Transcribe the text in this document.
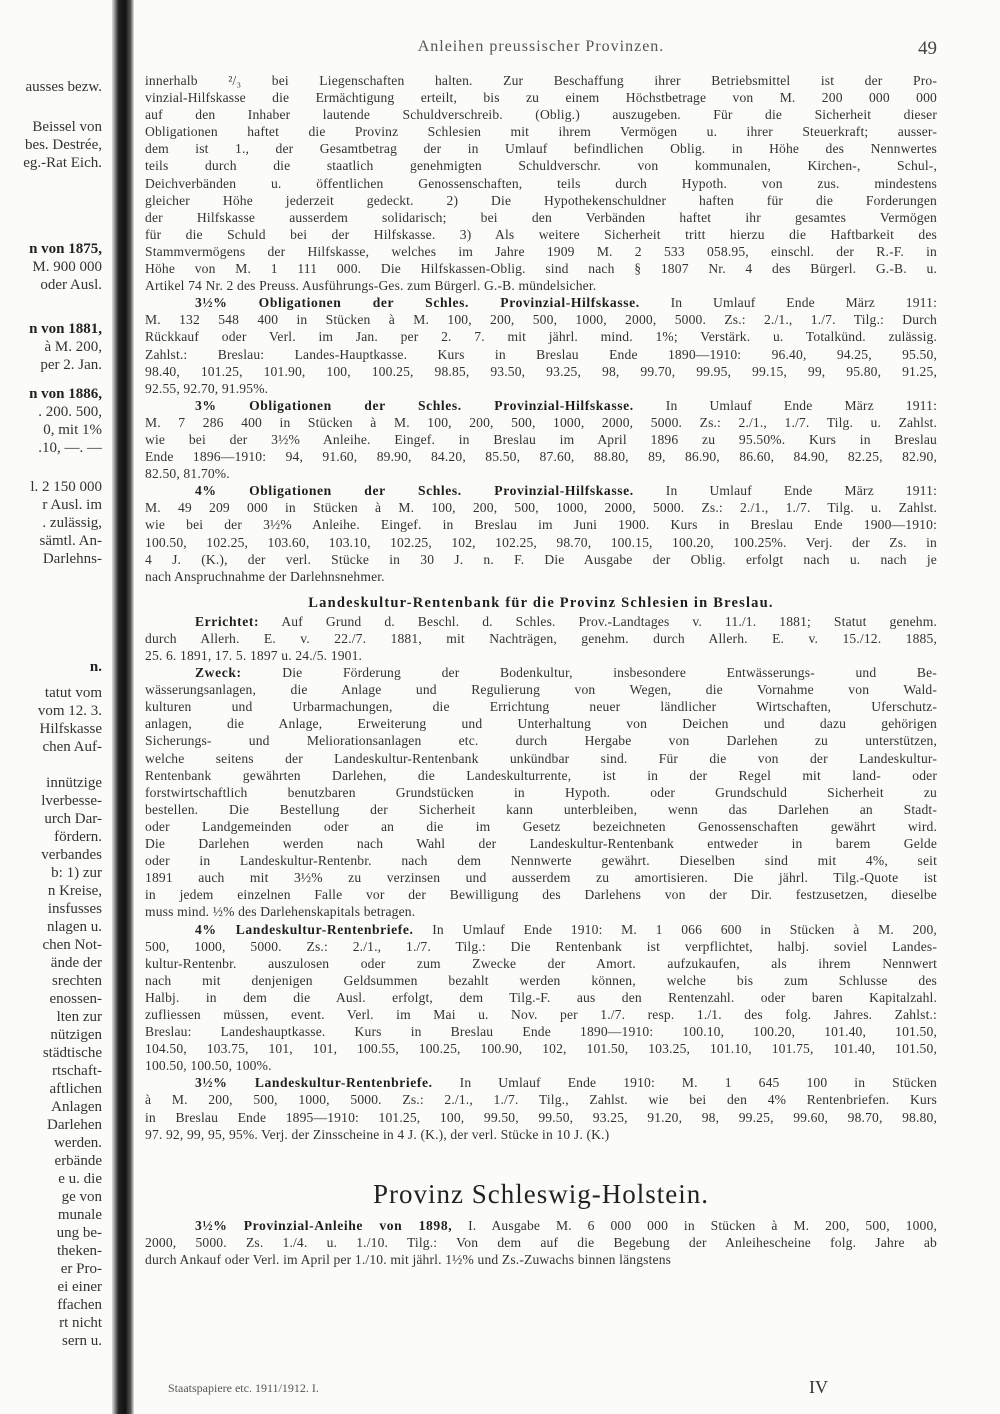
ausses bezw.
Beissel von
bes. Destrée,
eg.-Rat Eich.
n von 1875,
M. 900 000
oder Ausl.
n von 1881,
à M. 200,
per 2. Jan.
n von 1886,
. 200. 500,
0, mit 1%
.10, —. —
l. 2 150 000
r Ausl. im
. zulässig,
sämtl. An-
Darlehns-
n.
tatut vom
vom 12. 3.
Hilfskasse
chen Auf-
innützige
lverbesse-
urch Dar-
fördern.
verbandes
b: 1) zur
n Kreise,
insfusses
nlagen u.
chen Not-
ände der
srechten
enossen-
lten zur
nützigen
städtische
rtschaft-
aftlichen
Anlagen
Darlehen
werden.
erbände
e u. die
ge von
munale
ung be-
theken-
er Pro-
ei einer
ffachen
rt nicht
sern u.
Anleihen preussischer Provinzen.	49
innerhalb ²/₃ bei Liegenschaften halten. Zur Beschaffung ihrer Betriebsmittel ist der Pro-
vinzial-Hilfskasse die Ermächtigung erteilt, bis zu einem Höchstbetrage von M. 200 000 000
auf den Inhaber lautende Schuldverschreib. (Oblig.) auszugeben. Für die Sicherheit dieser
Obligationen haftet die Provinz Schlesien mit ihrem Vermögen u. ihrer Steuerkraft; ausser-
dem ist 1., der Gesamtbetrag der in Umlauf befindlichen Oblig. in Höhe des Nennwertes
teils durch die staatlich genehmigten Schuldverschr. von kommunalen, Kirchen-, Schul-,
Deichverbänden u. öffentlichen Genossenschaften, teils durch Hypoth. von zus. mindestens
gleicher Höhe jederzeit gedeckt. 2) Die Hypothekenschuldner haften für die Forderungen
der Hilfskasse ausserdem solidarisch; bei den Verbänden haftet ihr gesamtes Vermögen
für die Schuld bei der Hilfskasse. 3) Als weitere Sicherheit tritt hierzu die Haftbarkeit des
Stammvermögens der Hilfskasse, welches im Jahre 1909 M. 2 533 058.95, einschl. der R.-F. in
Höhe von M. 1 111 000. Die Hilfskassen-Oblig. sind nach § 1807 Nr. 4 des Bürgerl. G.-B. u.
Artikel 74 Nr. 2 des Preuss. Ausführungs-Ges. zum Bürgerl. G.-B. mündelsicher.
3½% Obligationen der Schles. Provinzial-Hilfskasse. In Umlauf Ende März 1911:
M. 132 548 400 in Stücken à M. 100, 200, 500, 1000, 2000, 5000. Zs.: 2./1., 1./7. Tilg.: Durch
Rückkauf oder Verl. im Jan. per 2. 7. mit jährl. mind. 1%; Verstärk. u. Totalkünd. zulässig.
Zahlst.: Breslau: Landes-Hauptkasse. Kurs in Breslau Ende 1890—1910: 96.40, 94.25, 95.50,
98.40, 101.25, 101.90, 100, 100.25, 98.85, 93.50, 93.25, 98, 99.70, 99.95, 99.15, 99, 95.80, 91.25,
92.55, 92.70, 91.95%.
3% Obligationen der Schles. Provinzial-Hilfskasse. In Umlauf Ende März 1911:
M. 7 286 400 in Stücken à M. 100, 200, 500, 1000, 2000, 5000. Zs.: 2./1., 1./7. Tilg. u. Zahlst.
wie bei der 3½% Anleihe. Eingef. in Breslau im April 1896 zu 95.50%. Kurs in Breslau
Ende 1896—1910: 94, 91.60, 89.90, 84.20, 85.50, 87.60, 88.80, 89, 86.90, 86.60, 84.90, 82.25, 82.90,
82.50, 81.70%.
4% Obligationen der Schles. Provinzial-Hilfskasse. In Umlauf Ende März 1911:
M. 49 209 000 in Stücken à M. 100, 200, 500, 1000, 2000, 5000. Zs.: 2./1., 1./7. Tilg. u. Zahlst.
wie bei der 3½% Anleihe. Eingef. in Breslau im Juni 1900. Kurs in Breslau Ende 1900—1910:
100.50, 102.25, 103.60, 103.10, 102.25, 102, 102.25, 98.70, 100.15, 100.20, 100.25%. Verj. der Zs. in
4 J. (K.), der verl. Stücke in 30 J. n. F. Die Ausgabe der Oblig. erfolgt nach u. nach je
nach Anspruchnahme der Darlehnsnehmer.
Landeskultur-Rentenbank für die Provinz Schlesien in Breslau.
Errichtet: Auf Grund d. Beschl. d. Schles. Prov.-Landtages v. 11./1. 1881; Statut genehm.
durch Allerh. E. v. 22./7. 1881, mit Nachträgen, genehm. durch Allerh. E. v. 15./12. 1885,
25. 6. 1891, 17. 5. 1897 u. 24./5. 1901.
Zweck:	Die Förderung der Bodenkultur, insbesondere Entwässerungs- und Be-
wässerungsanlagen, die Anlage und Regulierung von Wegen, die Vornahme von Wald-
kulturen und Urbarmachungen, die Errichtung neuer ländlicher Wirtschaften, Uferschutz-
anlagen, die Anlage, Erweiterung und Unterhaltung von Deichen und dazu gehörigen
Sicherungs- und Meliorationsanlagen etc. durch Hergabe von Darlehen zu unterstützen,
welche seitens der Landeskultur-Rentenbank unkündbar sind. Für die von der Landeskultur-
Rentenbank gewährten Darlehen, die Landeskulturrente, ist in der Regel mit land- oder
forstwirtschaftlich benutzbaren Grundstücken in Hypoth. oder Grundschuld Sicherheit zu
bestellen. Die Bestellung der Sicherheit kann unterbleiben, wenn das Darlehen an Stadt-
oder Landgemeinden oder an die im Gesetz bezeichneten Genossenschaften gewährt wird.
Die Darlehen werden nach Wahl der Landeskultur-Rentenbank entweder in barem Gelde
oder in Landeskultur-Rentenbr. nach dem Nennwerte gewährt. Dieselben sind mit 4%, seit
1891 auch mit 3½% zu verzinsen und ausserdem zu amortisieren. Die jährl. Tilg.-Quote ist
in jedem einzelnen Falle vor der Bewilligung des Darlehens von der Dir. festzusetzen, dieselbe
muss mind. ½% des Darlehenskapitals betragen.
4% Landeskultur-Rentenbriefe. In Umlauf Ende 1910: M. 1 066 600 in Stücken à M. 200,
500, 1000, 5000. Zs.: 2./1., 1./7. Tilg.: Die Rentenbank ist verpflichtet, halbj. soviel Landes-
kultur-Rentenbr. auszulosen oder zum Zwecke der Amort. aufzukaufen, als ihrem Nennwert
nach mit denjenigen Geldsummen bezahlt werden können, welche bis zum Schlusse des
Halbj. in dem die Ausl. erfolgt, dem Tilg.-F. aus den Rentenzahl. oder baren Kapitalzahl.
zufliessen müssen, event. Verl. im Mai u. Nov. per 1./7. resp. 1./1. des folg. Jahres. Zahlst.:
Breslau: Landeshauptkasse. Kurs in Breslau Ende 1890—1910: 100.10, 100.20, 101.40, 101.50,
104.50, 103.75, 101, 101, 100.55, 100.25, 100.90, 102, 101.50, 103.25, 101.10, 101.75, 101.40, 101.50,
100.50, 100.50, 100%.
3½% Landeskultur-Rentenbriefe. In Umlauf Ende 1910: M. 1 645 100 in Stücken
à M. 200, 500, 1000, 5000. Zs.: 2./1., 1./7. Tilg., Zahlst. wie bei den 4% Rentenbriefen. Kurs
in Breslau Ende 1895—1910: 101.25, 100, 99.50, 99.50, 93.25, 91.20, 98, 99.25, 99.60, 98.70, 98.80,
97. 92, 99, 95, 95%. Verj. der Zinsscheine in 4 J. (K.), der verl. Stücke in 10 J. (K.)
Provinz Schleswig-Holstein.
3½% Provinzial-Anleihe von 1898, I. Ausgabe M. 6 000 000 in Stücken à M. 200, 500, 1000,
2000, 5000. Zs. 1./4. u. 1./10. Tilg.: Von dem auf die Begebung der Anleihescheine folg. Jahre ab
durch Ankauf oder Verl. im April per 1./10. mit jährl. 1½% und Zs.-Zuwachs binnen längstens
Staatspapiere etc. 1911/1912. I.	IV
